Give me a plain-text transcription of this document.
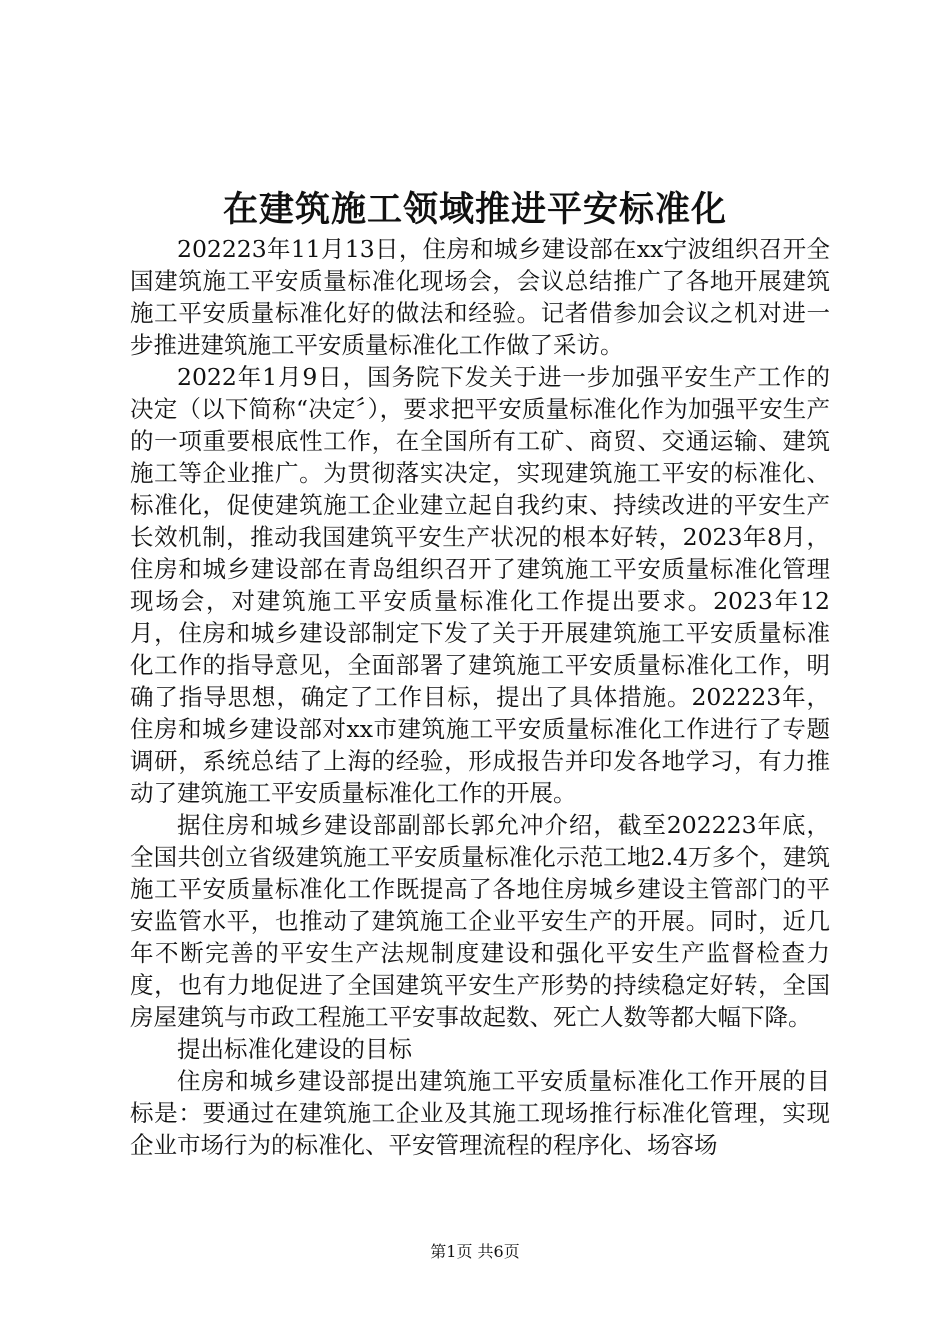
在建筑施工领域推进平安标准化

202223年11月13日，住房和城乡建设部在xx宁波组织召开全国建筑施工平安质量标准化现场会，会议总结推广了各地开展建筑施工平安质量标准化好的做法和经验。记者借参加会议之机对进一步推进建筑施工平安质量标准化工作做了采访。

2022年1月9日，国务院下发关于进一步加强平安生产工作的决定（以下简称“决定〞），要求把平安质量标准化作为加强平安生产的一项重要根底性工作，在全国所有工矿、商贸、交通运输、建筑施工等企业推广。为贯彻落实决定，实现建筑施工平安的标准化、标准化，促使建筑施工企业建立起自我约束、持续改进的平安生产长效机制，推动我国建筑平安生产状况的根本好转，2023年8月，住房和城乡建设部在青岛组织召开了建筑施工平安质量标准化管理现场会，对建筑施工平安质量标准化工作提出要求。2023年12月，住房和城乡建设部制定下发了关于开展建筑施工平安质量标准化工作的指导意见，全面部署了建筑施工平安质量标准化工作，明确了指导思想，确定了工作目标，提出了具体措施。202223年，住房和城乡建设部对xx市建筑施工平安质量标准化工作进行了专题调研，系统总结了上海的经验，形成报告并印发各地学习，有力推动了建筑施工平安质量标准化工作的开展。

据住房和城乡建设部副部长郭允冲介绍，截至202223年底，全国共创立省级建筑施工平安质量标准化示范工地2.4万多个，建筑施工平安质量标准化工作既提高了各地住房城乡建设主管部门的平安监管水平，也推动了建筑施工企业平安生产的开展。同时，近几年不断完善的平安生产法规制度建设和强化平安生产监督检查力度，也有力地促进了全国建筑平安生产形势的持续稳定好转，全国房屋建筑与市政工程施工平安事故起数、死亡人数等都大幅下降。

提出标准化建设的目标

住房和城乡建设部提出建筑施工平安质量标准化工作开展的目标是：要通过在建筑施工企业及其施工现场推行标准化管理，实现企业市场行为的标准化、平安管理流程的程序化、场容场

第1页 共6页
